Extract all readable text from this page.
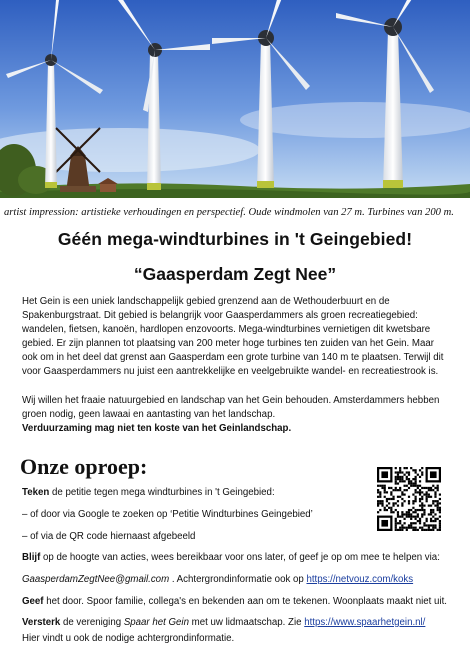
artist impression: artistieke verhoudingen en perspectief. Oude windmolen van 27 m. Turbines van 200 m.
Géén mega-windturbines in 't Geingebied!
“Gaasperdam Zegt Nee”
Het Gein is een uniek landschappelijk gebied grenzend aan de Wethouderbuurt en de Spakenburgstraat. Dit gebied is belangrijk voor Gaasperdammers als groen recreatiegebied: wandelen, fietsen, kanoën, hardlopen enzovoorts. Mega-windturbines vernietigen dit kwetsbare gebied. Er zijn plannen tot plaatsing van 200 meter hoge turbines ten zuiden van het Gein. Maar ook om in het deel dat grenst aan Gaasperdam een grote turbine van 140 m te plaatsen. Terwijl dit voor Gaasperdammers nu juist een aantrekkelijke en veelgebruikte wandel- en recreatiestrook is.
Wij willen het fraaie natuurgebied en landschap van het Gein behouden. Amsterdammers hebben groen nodig, geen lawaai en aantasting van het landschap.
Verduurzaming mag niet ten koste van het Geinlandschap.
Onze oproep:
Teken de petitie tegen mega windturbines in 't Geingebied:
– of door via Google te zoeken op ‘Petitie Windturbines Geingebied’
– of via de QR code hiernaast afgebeeld
Blijf op de hoogte van acties, wees bereikbaar voor ons later, of geef je op om mee te helpen via:
GaasperdamZegtNee@gmail.com . Achtergrondinformatie ook op https://netvouz.com/koks
Geef het door. Spoor familie, collega's en bekenden aan om te tekenen. Woonplaats maakt niet uit.
Versterk de vereniging Spaar het Gein met uw lidmaatschap. Zie https://www.spaarhetgein.nl/
Hier vindt u ook de nodige achtergrondinformatie.
